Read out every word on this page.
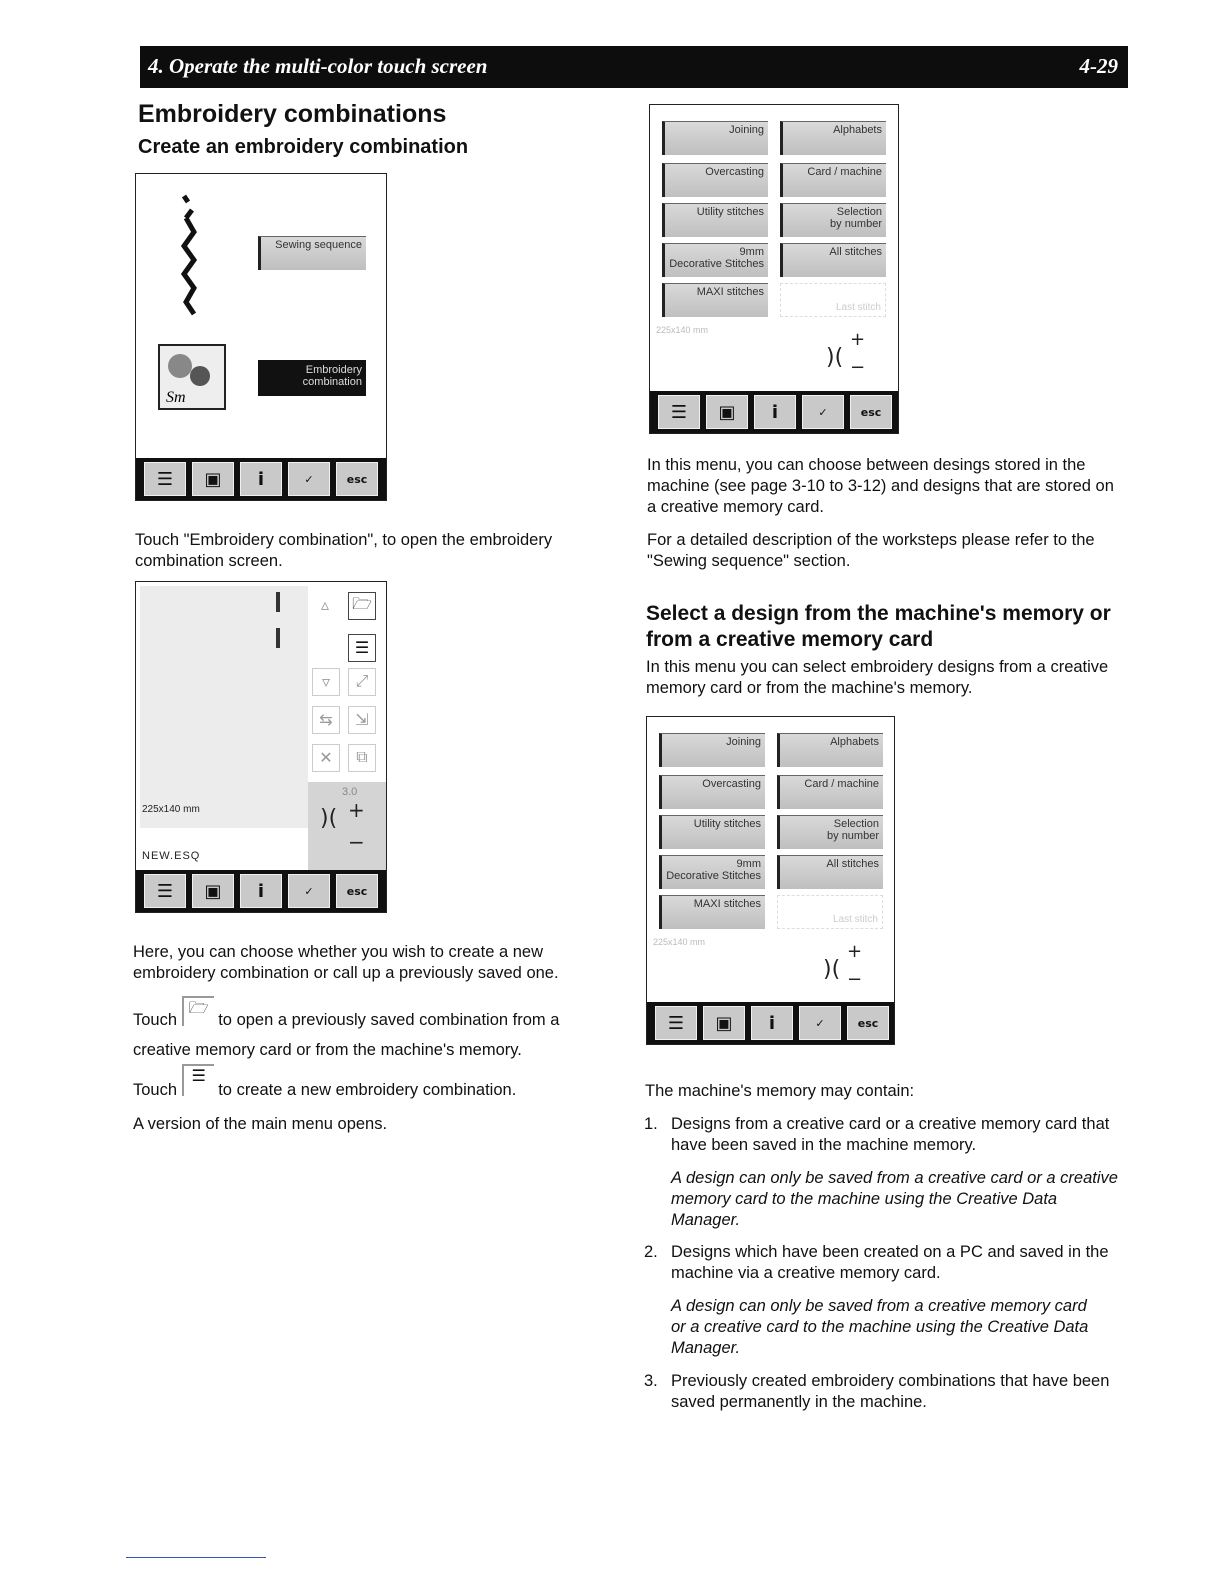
4. Operate the multi-color touch screen	4-29
Embroidery combinations
Create an embroidery combination
Sewing sequence
Sm
Embroidery combination
☰	▣	i	✓	esc

Touch "Embroidery combination", to open the embroidery combination screen.

▵	🗁
☰
▿	⤢
⇆	⇲
✕	⧉
3.0
)( +
−
225x140 mm
NEW.ESQ
☰	▣	i	✓	esc

Here, you can choose whether you wish to create a new embroidery combination or call up a previously saved one.

Touch 🗁 to open a previously saved combination from a
creative memory card or from the machine's memory.
Touch ☰ to create a new embroidery combination.

A version of the main menu opens.

Joining	Alphabets
Overcasting	Card / machine
Utility stitches	Selection
by number
9mm
Decorative Stitches
All stitches
MAXI stitches
Last stitch
225x140 mm
)(
+
−
☰	▣	i	✓	esc

In this menu, you can choose between desings stored in the machine (see page 3-10 to 3-12) and designs that are stored on a creative memory card.

For a detailed description of the worksteps please refer to the "Sewing sequence" section.

Select a design from the machine's memory or from a creative memory card

In this menu you can select embroidery designs from a creative memory card or from the machine's memory.

Joining	Alphabets
Overcasting	Card / machine
Utility stitches	Selection
by number
9mm
Decorative Stitches
All stitches
MAXI stitches
Last stitch
225x140 mm
)(
+
−
☰	▣	i	✓	esc

The machine's memory may contain:

1. Designs from a creative card or a creative memory card that have been saved in the machine memory.

A design can only be saved from a creative card or a creative memory card to the machine using the Creative Data Manager.

2. Designs which have been created on a PC and saved in the machine via a creative memory card.

A design can only be saved from a creative memory card or a creative card to the machine using the Creative Data Manager.

3. Previously created embroidery combinations that have been saved permanently in the machine.
